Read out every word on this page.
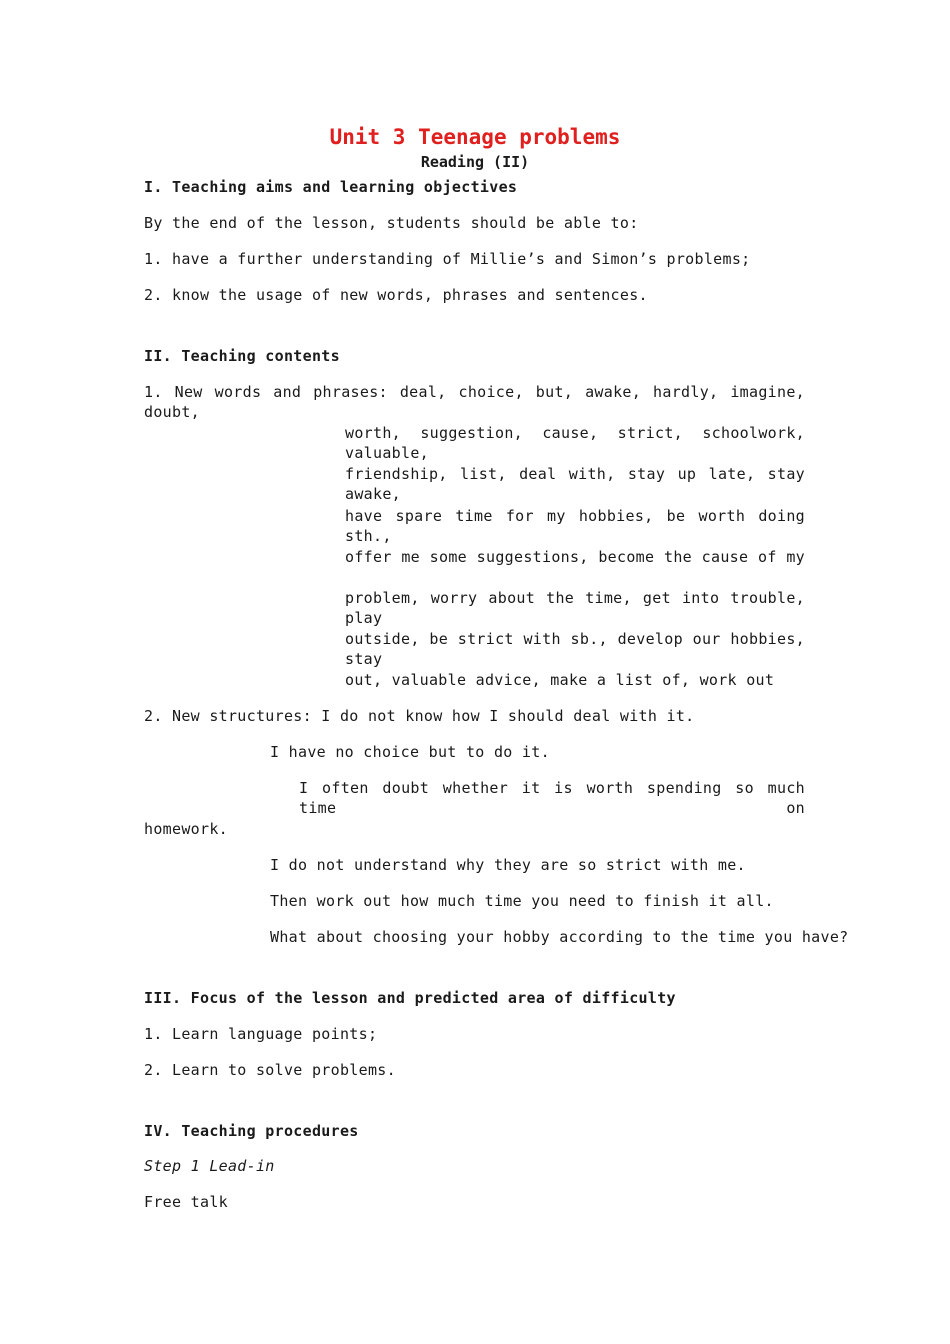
Unit 3 Teenage problems
Reading (II)
I. Teaching aims and learning objectives
By the end of the lesson, students should be able to:
1. have a further understanding of Millie’s and Simon’s problems;
2. know the usage of new words, phrases and sentences.
II. Teaching contents
1. New words and phrases: deal, choice, but, awake, hardly, imagine, doubt,
worth, suggestion, cause, strict, schoolwork, valuable,
friendship, list, deal with, stay up late, stay awake,
have spare time for my hobbies, be worth doing sth.,
offer me some suggestions, become the cause of my
problem, worry about the time, get into trouble, play
outside, be strict with sb., develop our hobbies, stay
out, valuable advice, make a list of, work out
2. New structures: I do not know how I should deal with it.
I have no choice but to do it.
I often doubt whether it is worth spending so much time on
homework.
I do not understand why they are so strict with me.
Then work out how much time you need to finish it all.
What about choosing your hobby according to the time you have?
III. Focus of the lesson and predicted area of difficulty
1. Learn language points;
2. Learn to solve problems.
IV. Teaching procedures
Step 1 Lead-in
Free talk
